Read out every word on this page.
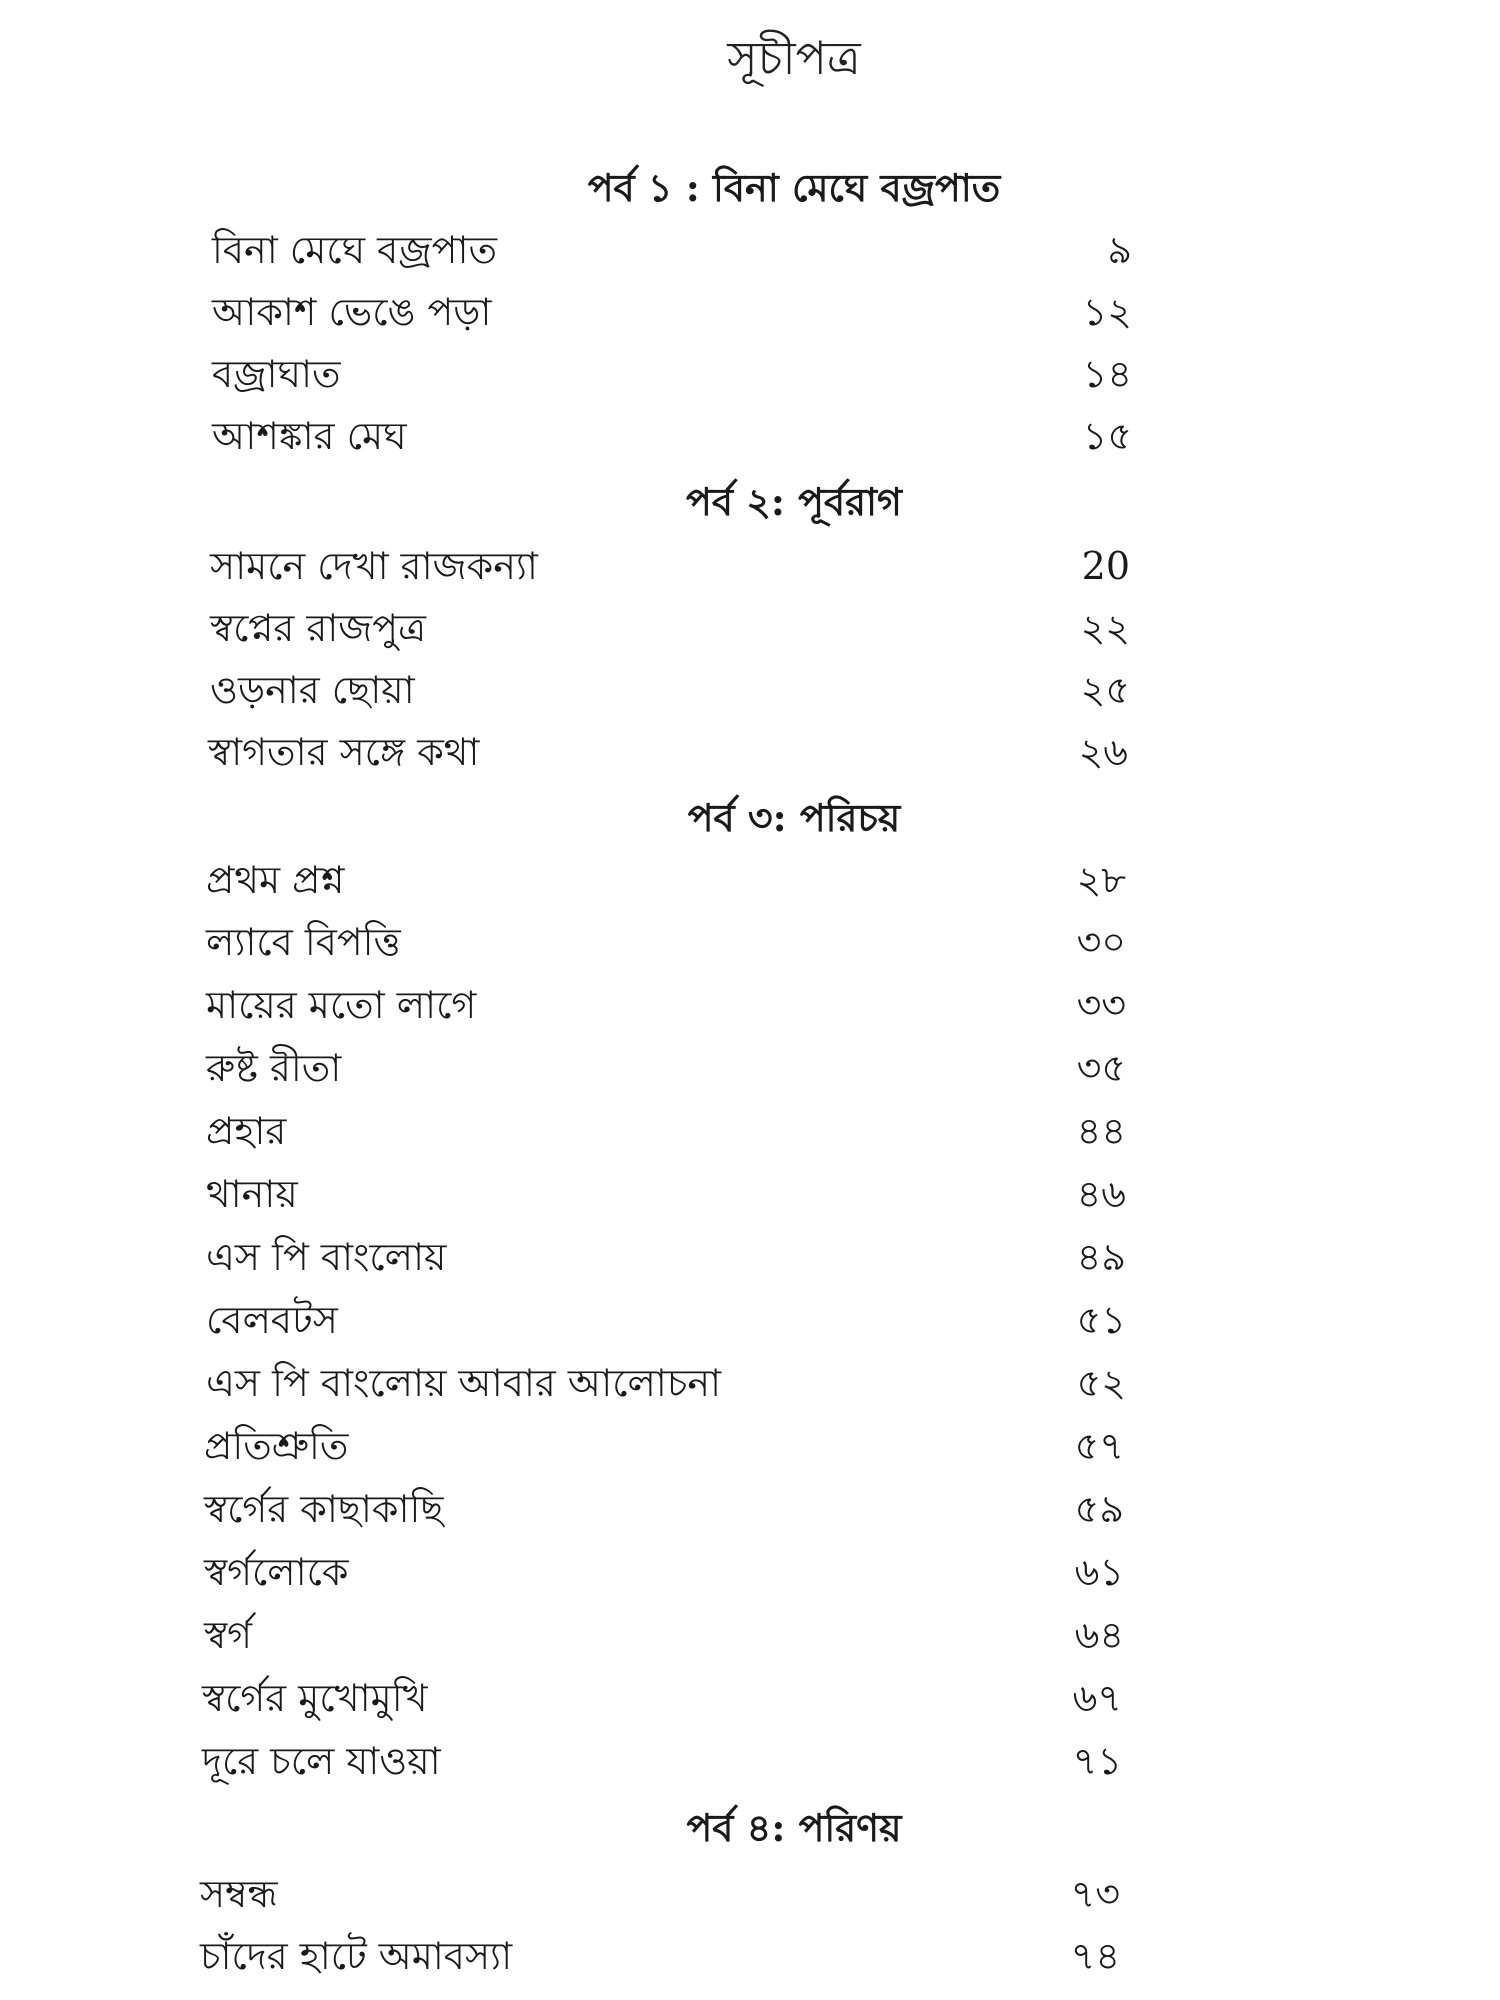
সূচীপত্র
পর্ব ১ : বিনা মেঘে বজ্রপাত
বিনা মেঘে বজ্রপাত	৯
আকাশ ভেঙে পড়া	১২
বজ্রাঘাত	১৪
আশঙ্কার মেঘ	১৫
পর্ব ২: পূর্বরাগ
সামনে দেখা রাজকন্যা	20
স্বপ্নের রাজপুত্র	২২
ওড়নার ছোয়া	২৫
স্বাগতার সঙ্গে কথা	২৬
পর্ব ৩: পরিচয়
প্রথম প্রশ্ন	২৮
ল্যাবে বিপত্তি	৩০
মায়ের মতো লাগে	৩৩
রুষ্ট রীতা	৩৫
প্রহার	৪৪
থানায়	৪৬
এস পি বাংলোয়	৪৯
বেলবটস	৫১
এস পি বাংলোয় আবার আলোচনা	৫২
প্রতিশ্রুতি	৫৭
স্বর্গের কাছাকাছি	৫৯
স্বর্গলোকে	৬১
স্বর্গ	৬৪
স্বর্গের মুখোমুখি	৬৭
দূরে চলে যাওয়া	৭১
পর্ব ৪: পরিণয়
সম্বন্ধ	৭৩
চাঁদের হাটে অমাবস্যা	৭৪
